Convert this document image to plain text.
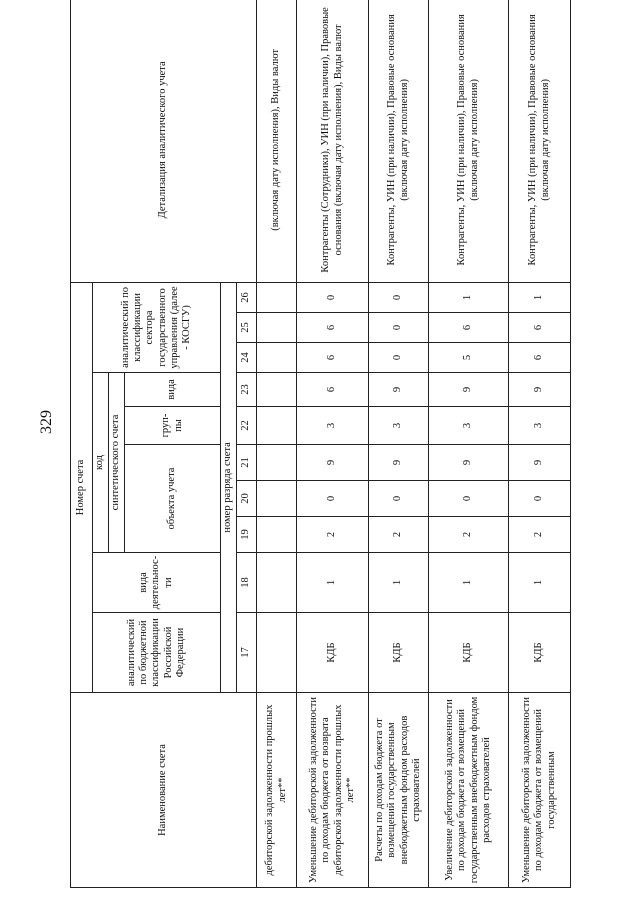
329
Наименование счета	Номер счета										Детализация аналитического учета
	аналитический по бюджетной классификации Российской Федерации	вида деятельнос-ти	код					аналитический по классификации сектора государственного управления (далее - КОСГУ)			
			синтетического счета								
			объекта учета			груп-пы	вида				
	номер разряда счета										
	17	18	19	20	21	22	23	24	25	26	
дебиторской задолженности прошлых лет**											(включая дату исполнения), Виды валют
Уменьшение дебиторской задолженности по доходам бюджета от возврата дебиторской задолженности прошлых лет**	КДБ	1	2	0	9	3	6	6	6	0	Контрагенты (Сотрудники), УИН (при наличии), Правовые основания (включая дату исполнения), Виды валют
Расчеты по доходам бюджета от возмещений государственным внебюджетным фондом расходов страхователей	КДБ	1	2	0	9	3	9	0	0	0	Контрагенты, УИН (при наличии), Правовые основания (включая дату исполнения)
Увеличение дебиторской задолженности по доходам бюджета от возмещений государственным внебюджетным фондом расходов страхователей	КДБ	1	2	0	9	3	9	5	6	1	Контрагенты, УИН (при наличии), Правовые основания (включая дату исполнения)
Уменьшение дебиторской задолженности по доходам бюджета от возмещений государственным	КДБ	1	2	0	9	3	9	6	6	1	Контрагенты, УИН (при наличии), Правовые основания (включая дату исполнения)
